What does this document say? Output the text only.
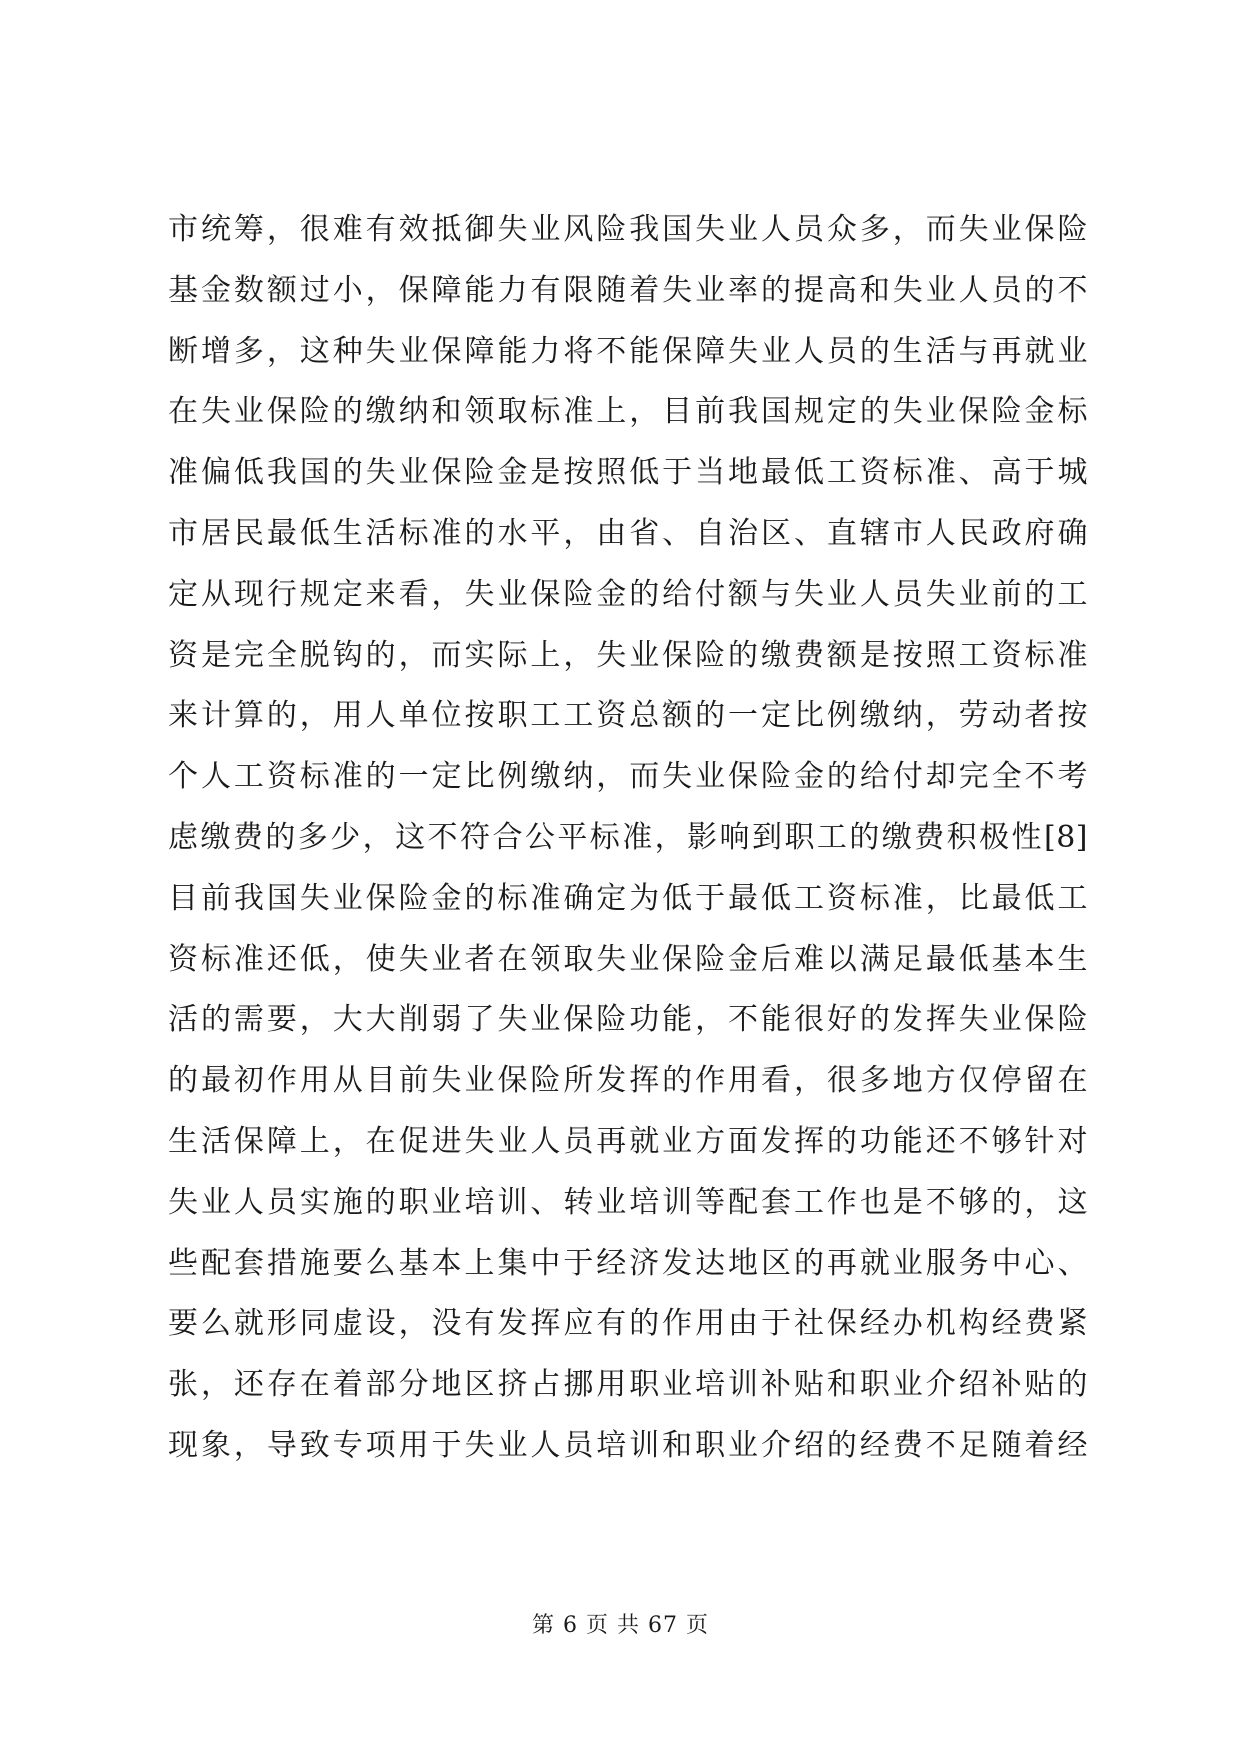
市统筹，很难有效抵御失业风险我国失业人员众多，而失业保险
基金数额过小，保障能力有限随着失业率的提高和失业人员的不
断增多，这种失业保障能力将不能保障失业人员的生活与再就业
在失业保险的缴纳和领取标准上，目前我国规定的失业保险金标
准偏低我国的失业保险金是按照低于当地最低工资标准、高于城
市居民最低生活标准的水平，由省、自治区、直辖市人民政府确
定从现行规定来看，失业保险金的给付额与失业人员失业前的工
资是完全脱钩的，而实际上，失业保险的缴费额是按照工资标准
来计算的，用人单位按职工工资总额的一定比例缴纳，劳动者按
个人工资标准的一定比例缴纳，而失业保险金的给付却完全不考
虑缴费的多少，这不符合公平标准，影响到职工的缴费积极性[8]
目前我国失业保险金的标准确定为低于最低工资标准，比最低工
资标准还低，使失业者在领取失业保险金后难以满足最低基本生
活的需要，大大削弱了失业保险功能，不能很好的发挥失业保险
的最初作用从目前失业保险所发挥的作用看，很多地方仅停留在
生活保障上，在促进失业人员再就业方面发挥的功能还不够针对
失业人员实施的职业培训、转业培训等配套工作也是不够的，这
些配套措施要么基本上集中于经济发达地区的再就业服务中心、
要么就形同虚设，没有发挥应有的作用由于社保经办机构经费紧
张，还存在着部分地区挤占挪用职业培训补贴和职业介绍补贴的
现象，导致专项用于失业人员培训和职业介绍的经费不足随着经
第 6 页 共 67 页
